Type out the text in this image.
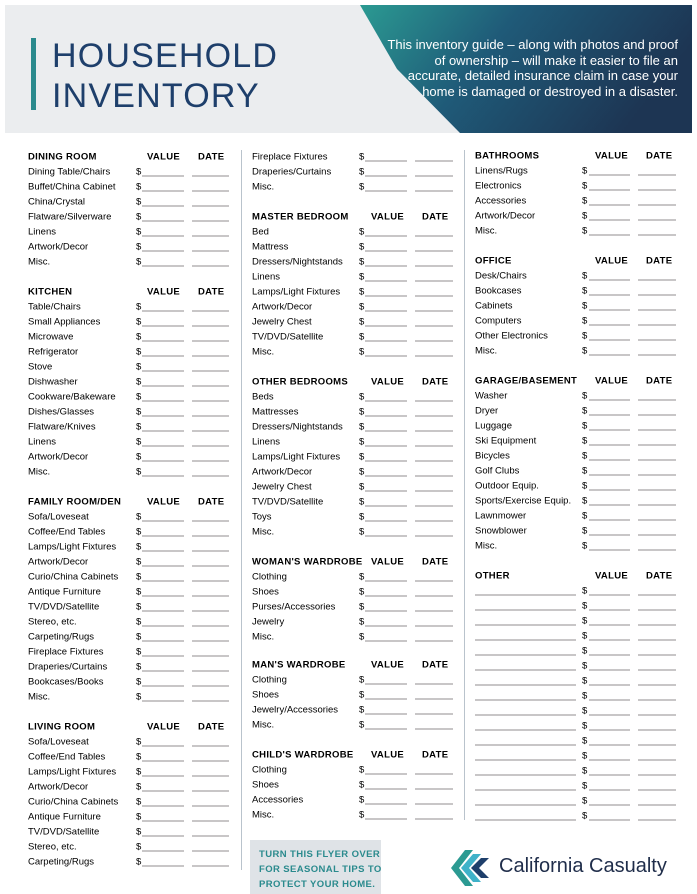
HOUSEHOLD
INVENTORY

This inventory guide – along with photos and proof of ownership – will make it easier to file an accurate, detailed insurance claim in case your home is damaged or destroyed in a disaster.

DINING ROOM	VALUE DATE
Dining Table/Chairs	$
Buffet/China Cabinet $
China/Crystal	$
Flatware/Silverware	$
Linens	$
Artwork/Decor	$
Misc.	$
KITCHEN	VALUE DATE
Table/Chairs	$
Small Appliances	$
Microwave	$
Refrigerator	$
Stove	$
Dishwasher	$
Cookware/Bakeware $
Dishes/Glasses	$
Flatware/Knives	$
Linens	$
Artwork/Decor	$
Misc.	$
FAMILY ROOM/DEN	VALUE DATE
Sofa/Loveseat	$
Coffee/End Tables	$
Lamps/Light Fixtures $
Artwork/Decor	$
Curio/China Cabinets $
Antique Furniture	$
TV/DVD/Satellite	$
Stereo, etc.	$
Carpeting/Rugs	$
Fireplace Fixtures	$
Draperies/Curtains	$
Bookcases/Books	$
Misc.	$
LIVING ROOM	VALUE DATE
Sofa/Loveseat	$
Coffee/End Tables	$
Lamps/Light Fixtures $
Artwork/Decor	$
Curio/China Cabinets $
Antique Furniture	$
TV/DVD/Satellite	$
Stereo, etc.	$
Carpeting/Rugs	$
Fireplace Fixtures	$
Draperies/Curtains	$
Misc.	$
MASTER BEDROOM VALUE DATE
Bed	$
Mattress	$
Dressers/Nightstands $
Linens	$
Lamps/Light Fixtures $
Artwork/Decor	$
Jewelry Chest	$
TV/DVD/Satellite	$
Misc.	$
OTHER BEDROOMS VALUE DATE
Beds	$
Mattresses	$
Dressers/Nightstands $
Linens	$
Lamps/Light Fixtures $
Artwork/Decor	$
Jewelry Chest	$
TV/DVD/Satellite	$
Toys	$
Misc.	$
WOMAN'S WARDROBE VALUE DATE
Clothing	$
Shoes	$
Purses/Accessories $
Jewelry	$
Misc.	$
MAN'S WARDROBE	VALUE DATE
Clothing	$
Shoes	$
Jewelry/Accessories $
Misc.	$
CHILD'S WARDROBE VALUE DATE
Clothing	$
Shoes	$
Accessories	$
Misc.	$
BATHROOMS	VALUE DATE
Linens/Rugs	$
Electronics	$
Accessories	$
Artwork/Decor	$
Misc.	$
OFFICE	VALUE DATE
Desk/Chairs	$
Bookcases	$
Cabinets	$
Computers	$
Other Electronics	$
Misc.	$
GARAGE/BASEMENT VALUE DATE
Washer	$
Dryer	$
Luggage	$
Ski Equipment	$
Bicycles	$
Golf Clubs	$
Outdoor Equip.	$
Sports/Exercise Equip. $
Lawnmower	$
Snowblower	$
Misc.	$
OTHER	VALUE DATE
$
$
$
$
$
$
$
$
$
$
$
$
$
$
$
$
TURN THIS FLYER OVER
FOR SEASONAL TIPS TO
PROTECT YOUR HOME.
California Casualty
